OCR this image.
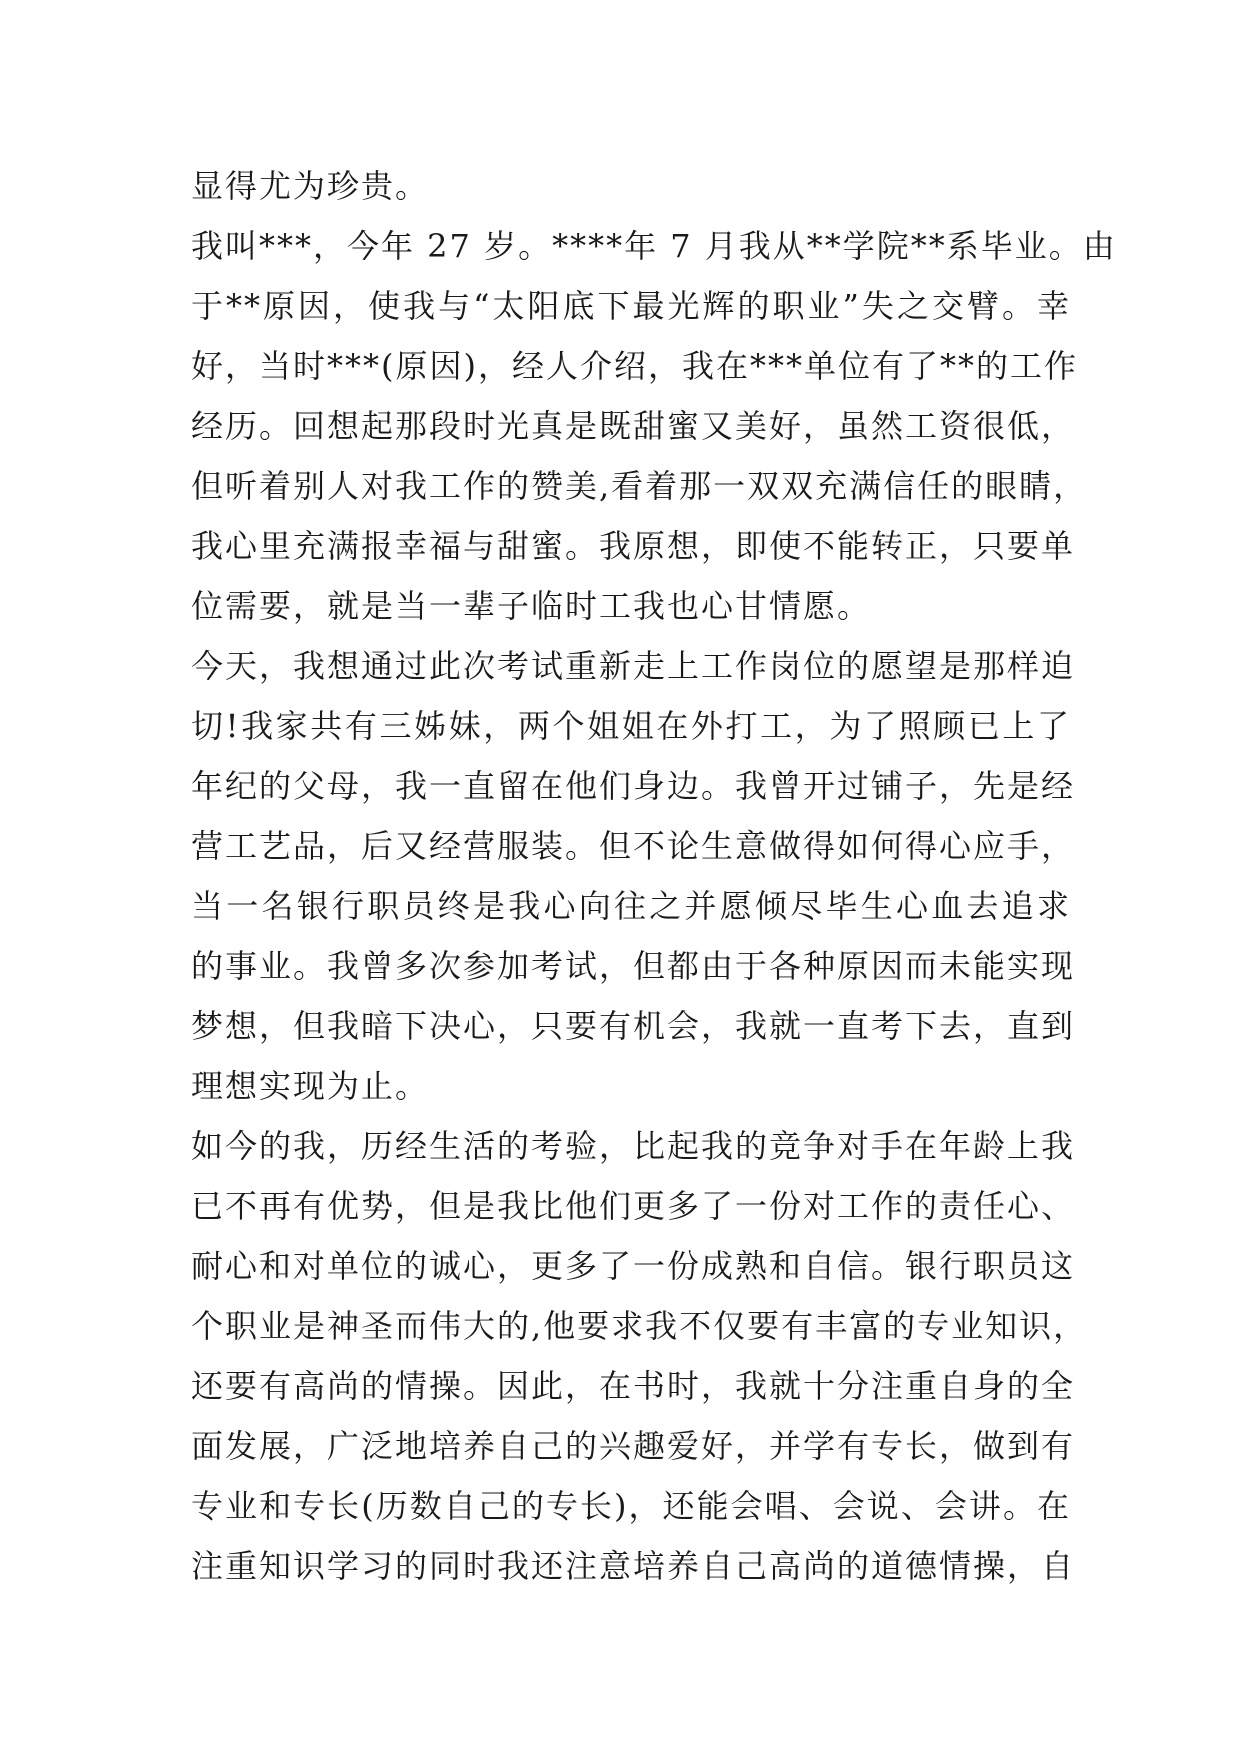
显得尤为珍贵。
我叫***，今年 27 岁。****年 7 月我从**学院**系毕业。由
于**原因，使我与“太阳底下最光辉的职业”失之交臂。幸
好，当时***(原因)，经人介绍，我在***单位有了**的工作
经历。回想起那段时光真是既甜蜜又美好，虽然工资很低，
但听着别人对我工作的赞美,看着那一双双充满信任的眼睛，
我心里充满报幸福与甜蜜。我原想，即使不能转正，只要单
位需要，就是当一辈子临时工我也心甘情愿。
今天，我想通过此次考试重新走上工作岗位的愿望是那样迫
切!我家共有三姊妹，两个姐姐在外打工，为了照顾已上了
年纪的父母，我一直留在他们身边。我曾开过铺子，先是经
营工艺品，后又经营服装。但不论生意做得如何得心应手，
当一名银行职员终是我心向往之并愿倾尽毕生心血去追求
的事业。我曾多次参加考试，但都由于各种原因而未能实现
梦想，但我暗下决心，只要有机会，我就一直考下去，直到
理想实现为止。
如今的我，历经生活的考验，比起我的竞争对手在年龄上我
已不再有优势，但是我比他们更多了一份对工作的责任心、
耐心和对单位的诚心，更多了一份成熟和自信。银行职员这
个职业是神圣而伟大的,他要求我不仅要有丰富的专业知识，
还要有高尚的情操。因此，在书时，我就十分注重自身的全
面发展，广泛地培养自己的兴趣爱好，并学有专长，做到有
专业和专长(历数自己的专长)，还能会唱、会说、会讲。在
注重知识学习的同时我还注意培养自己高尚的道德情操，自
